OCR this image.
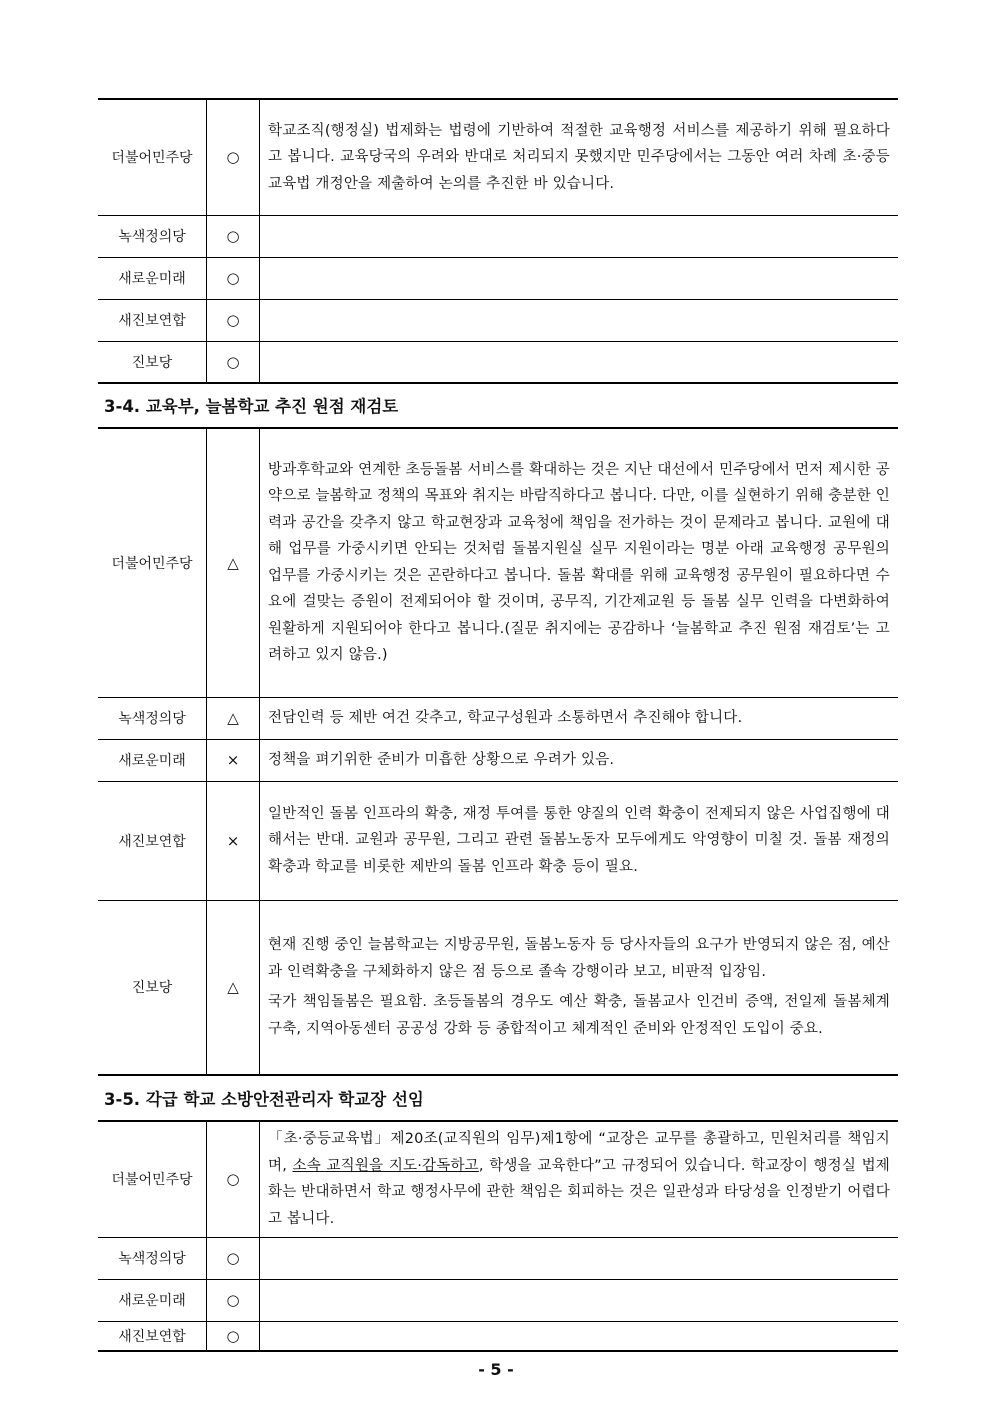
더불어민주당	○	학교조직(행정실) 법제화는 법령에 기반하여 적절한 교육행정 서비스를 제공하기 위해 필요하다고 봅니다. 교육당국의 우려와 반대로 처리되지 못했지만 민주당에서는 그동안 여러 차례 초·중등교육법 개정안을 제출하여 논의를 추진한 바 있습니다.
녹색정의당	○	
새로운미래	○	
새진보연합	○	
진보당	○	
3-4. 교육부, 늘봄학교 추진 원점 재검토
더불어민주당	△	방과후학교와 연계한 초등돌봄 서비스를 확대하는 것은 지난 대선에서 민주당에서 먼저 제시한 공약으로 늘봄학교 정책의 목표와 취지는 바람직하다고 봅니다. 다만, 이를 실현하기 위해 충분한 인력과 공간을 갖추지 않고 학교현장과 교육청에 책임을 전가하는 것이 문제라고 봅니다. 교원에 대해 업무를 가중시키면 안되는 것처럼 돌봄지원실 실무 지원이라는 명분 아래 교육행정 공무원의 업무를 가중시키는 것은 곤란하다고 봅니다. 돌봄 확대를 위해 교육행정 공무원이 필요하다면 수요에 걸맞는 증원이 전제되어야 할 것이며, 공무직, 기간제교원 등 돌봄 실무 인력을 다변화하여 원활하게 지원되어야 한다고 봅니다.(질문 취지에는 공감하나 ‘늘봄학교 추진 원점 재검토’는 고려하고 있지 않음.)
녹색정의당	△	전담인력 등 제반 여건 갖추고, 학교구성원과 소통하면서 추진해야 합니다.
새로운미래	×	정책을 펴기위한 준비가 미흡한 상황으로 우려가 있음.
새진보연합	×	일반적인 돌봄 인프라의 확충, 재정 투여를 통한 양질의 인력 확충이 전제되지 않은 사업집행에 대해서는 반대. 교원과 공무원, 그리고 관련 돌봄노동자 모두에게도 악영향이 미칠 것. 돌봄 재정의 확충과 학교를 비롯한 제반의 돌봄 인프라 확충 등이 필요.
진보당	△	현재 진행 중인 늘봄학교는 지방공무원, 돌봄노동자 등 당사자들의 요구가 반영되지 않은 점, 예산과 인력확충을 구체화하지 않은 점 등으로 졸속 강행이라 보고, 비판적 입장임.

국가 책임돌봄은 필요함. 초등돌봄의 경우도 예산 확충, 돌봄교사 인건비 증액, 전일제 돌봄체계 구축, 지역아동센터 공공성 강화 등 종합적이고 체계적인 준비와 안정적인 도입이 중요.

3-5. 각급 학교 소방안전관리자 학교장 선임
더불어민주당	○	「초·중등교육법」제20조(교직원의 임무)제1항에 “교장은 교무를 총괄하고, 민원처리를 책임지며, 소속 교직원을 지도·감독하고, 학생을 교육한다”고 규정되어 있습니다. 학교장이 행정실 법제화는 반대하면서 학교 행정사무에 관한 책임은 회피하는 것은 일관성과 타당성을 인정받기 어렵다고 봅니다.
녹색정의당	○	
새로운미래	○	
새진보연합	○	
- 5 -
